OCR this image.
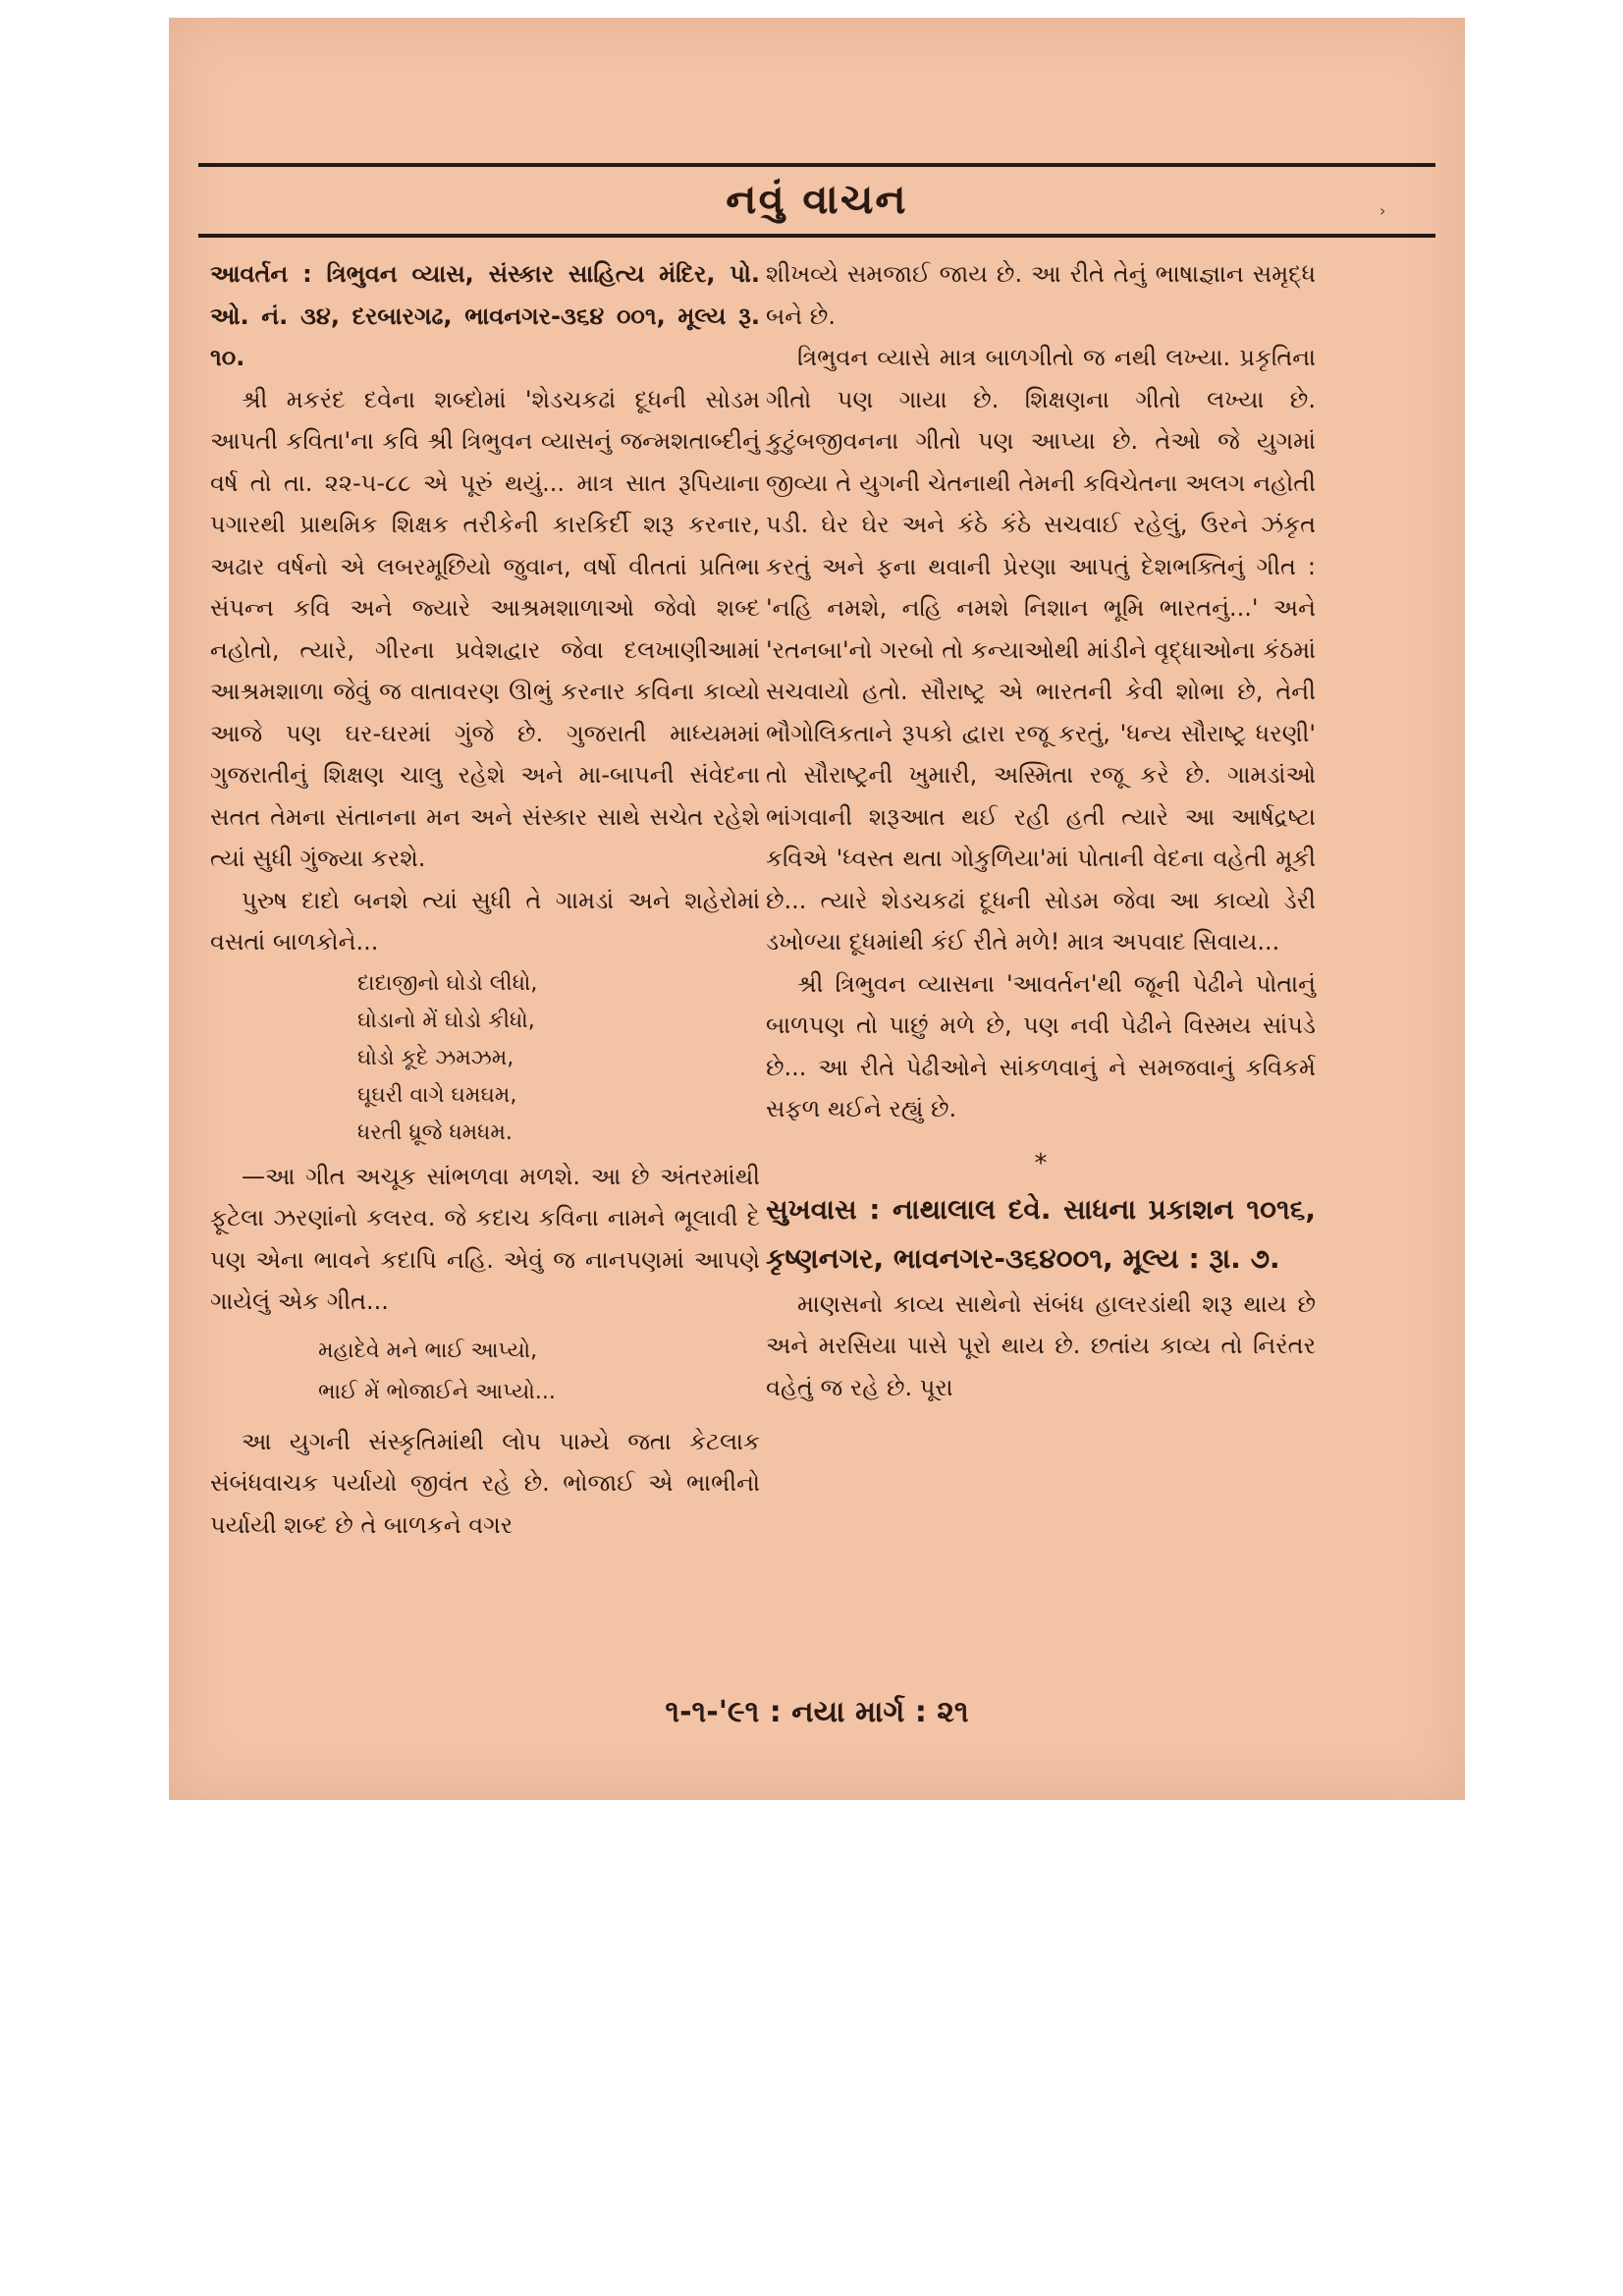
નવું વાચન

આવર્તન : ત્રિભુવન વ્યાસ, સંસ્કાર સાહિત્ય મંદિર, પો. ઓ. નં. ૩૪, દરબારગઢ, ભાવનગર-૩૬૪ ૦૦૧, મૂલ્ય રૂ. ૧૦.

શ્રી મકરંદ દવેના શબ્દોમાં 'શેડચકઢાં દૂધની સોડમ આપતી કવિતા'ના કવિ શ્રી ત્રિભુવન વ્યાસનું જન્મશતાબ્દીનું વર્ષ તો તા. ૨૨-૫-૮૮ એ પૂરું થયું... માત્ર સાત રૂપિયાના પગારથી પ્રાથમિક શિક્ષક તરીકેની કારકિર્દી શરૂ કરનાર, અઢાર વર્ષનો એ લબરમૂછિયો જુવાન, વર્ષો વીતતાં પ્રતિભા સંપન્ન કવિ અને જ્યારે આશ્રમશાળાઓ જેવો શબ્દ નહોતો, ત્યારે, ગીરના પ્રવેશદ્વાર જેવા દલખાણીઆમાં આશ્રમશાળા જેવું જ વાતાવરણ ઊભું કરનાર કવિના કાવ્યો આજે પણ ઘર-ઘરમાં ગુંજે છે. ગુજરાતી માધ્યમમાં ગુજરાતીનું શિક્ષણ ચાલુ રહેશે અને મા-બાપની સંવેદના સતત તેમના સંતાનના મન અને સંસ્કાર સાથે સચેત રહેશે ત્યાં સુધી ગુંજ્યા કરશે.

પુરુષ દાદો બનશે ત્યાં સુધી તે ગામડાં અને શહેરોમાં વસતાં બાળકોને...

દાદાજીનો ઘોડો લીધો,
ઘોડાનો મેં ઘોડો કીધો,
ઘોડો કૂદે ઝમઝમ,
ઘૂઘરી વાગે ઘમઘમ,
ધરતી ધ્રૂજે ધમધમ.

—આ ગીત અચૂક સાંભળવા મળશે. આ છે અંતરમાંથી ફૂટેલા ઝરણાંનો કલરવ. જે કદાચ કવિના નામને ભૂલાવી દે પણ એના ભાવને કદાપિ નહિ. એવું જ નાનપણમાં આપણે ગાયેલું એક ગીત...

મહાદેવે મને ભાઈ આપ્યો,
ભાઈ મેં ભોજાઈને આપ્યો...

આ યુગની સંસ્કૃતિમાંથી લોપ પામ્યે જતા કેટલાક સંબંધવાચક પર્યાયો જીવંત રહે છે. ભોજાઈ એ ભાભીનો પર્યાયી શબ્દ છે તે બાળકને વગર

શીખવ્યે સમજાઈ જાય છે. આ રીતે તેનું ભાષાજ્ઞાન સમૃદ્ધ બને છે.

ત્રિભુવન વ્યાસે માત્ર બાળગીતો જ નથી લખ્યા. પ્રકૃતિના ગીતો પણ ગાયા છે. શિક્ષણના ગીતો લખ્યા છે. કુટુંબજીવનના ગીતો પણ આપ્યા છે. તેઓ જે યુગમાં જીવ્યા તે યુગની ચેતનાથી તેમની કવિચેતના અલગ નહોતી પડી. ઘેર ઘેર અને કંઠે કંઠે સચવાઈ રહેલું, ઉરને ઝંકૃત કરતું અને ફના થવાની પ્રેરણા આપતું દેશભક્તિનું ગીત : 'નહિ નમશે, નહિ નમશે નિશાન ભૂમિ ભારતનું...' અને 'રતનબા'નો ગરબો તો કન્યાઓથી માંડીને વૃદ્ધાઓના કંઠમાં સચવાયો હતો. સૌરાષ્ટ્ર એ ભારતની કેવી શોભા છે, તેની ભૌગોલિકતાને રૂપકો દ્વારા રજૂ કરતું, 'ધન્ય સૌરાષ્ટ્ર ધરણી' તો સૌરાષ્ટ્રની ખુમારી, અસ્મિતા રજૂ કરે છે. ગામડાંઓ ભાંગવાની શરૂઆત થઈ રહી હતી ત્યારે આ આર્ષદ્રષ્ટા કવિએ 'ધ્વસ્ત થતા ગોકુળિયા'માં પોતાની વેદના વહેતી મૂકી છે... ત્યારે શેડચકઢાં દૂધની સોડમ જેવા આ કાવ્યો ડેરી ડખોળ્યા દૂધમાંથી કંઈ રીતે મળે! માત્ર અપવાદ સિવાય...

શ્રી ત્રિભુવન વ્યાસના 'આવર્તન'થી જૂની પેઢીને પોતાનું બાળપણ તો પાછું મળે છે, પણ નવી પેઢીને વિસ્મય સાંપડે છે... આ રીતે પેઢીઓને સાંકળવાનું ને સમજવાનું કવિકર્મ સફળ થઈને રહ્યું છે.

*

સુખવાસ : નાથાલાલ દવે. સાધના પ્રકાશન ૧૦૧૬, કૃષ્ણનગર, ભાવનગર-૩૬૪૦૦૧, મૂલ્ય : રૂા. ૭.

માણસનો કાવ્ય સાથેનો સંબંધ હાલરડાંથી શરૂ થાય છે અને મરસિયા પાસે પૂરો થાય છે. છતાંય કાવ્ય તો નિરંતર વહેતું જ રહે છે. પૂરા

૧-૧-'૯૧ : નયા માર્ગ : ૨૧
›
